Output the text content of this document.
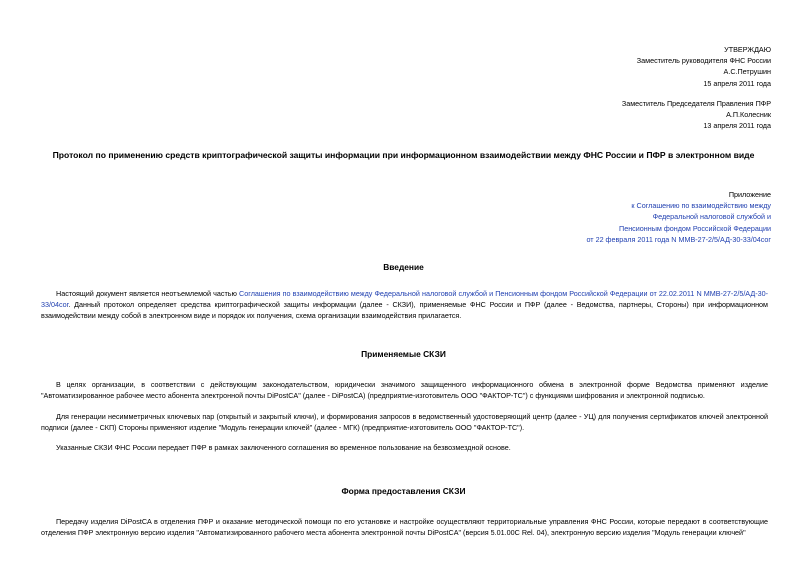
УТВЕРЖДАЮ
Заместитель руководителя ФНС России
А.С.Петрушин
15 апреля 2011 года
Заместитель Председателя Правления ПФР
А.П.Колесник
13 апреля 2011 года
Протокол по применению средств криптографической защиты информации при информационном взаимодействии между ФНС России и ПФР в электронном виде
Приложение
к Соглашению по взаимодействию между
Федеральной налоговой службой и
Пенсионным фондом Российской Федерации
от 22 февраля 2011 года N ММВ-27-2/5/АД-30-33/04сог
Введение
Настоящий документ является неотъемлемой частью Соглашения по взаимодействию между Федеральной налоговой службой и Пенсионным фондом Российской Федерации от 22.02.2011 N ММВ-27-2/5/АД-30-33/04сог. Данный протокол определяет средства криптографической защиты информации (далее - СКЗИ), применяемые ФНС России и ПФР (далее - Ведомства, партнеры, Стороны) при информационном взаимодействии между собой в электронном виде и порядок их получения, схема организации взаимодействия прилагается.
Применяемые СКЗИ
В целях организации, в соответствии с действующим законодательством, юридически значимого защищенного информационного обмена в электронной форме Ведомства применяют изделие "Автоматизированное рабочее место абонента электронной почты DiPostCA" (далее - DiPostCA) (предприятие-изготовитель ООО "ФАКТОР-ТС") с функциями шифрования и электронной подписью.
Для генерации несимметричных ключевых пар (открытый и закрытый ключи), и формирования запросов в ведомственный удостоверяющий центр (далее - УЦ) для получения сертификатов ключей электронной подписи (далее - СКП) Стороны применяют изделие "Модуль генерации ключей" (далее - МГК) (предприятие-изготовитель ООО "ФАКТОР-ТС").
Указанные СКЗИ ФНС России передает ПФР в рамках заключенного соглашения во временное пользование на безвозмездной основе.
Форма предоставления СКЗИ
Передачу изделия DiPostCA в отделения ПФР и оказание методической помощи по его установке и настройке осуществляют территориальные управления ФНС России, которые передают в соответствующие отделения ПФР электронную версию изделия "Автоматизированного рабочего места абонента электронной почты DiPostCA" (версия 5.01.00С Rel. 04), электронную версию изделия "Модуль генерации ключей"
